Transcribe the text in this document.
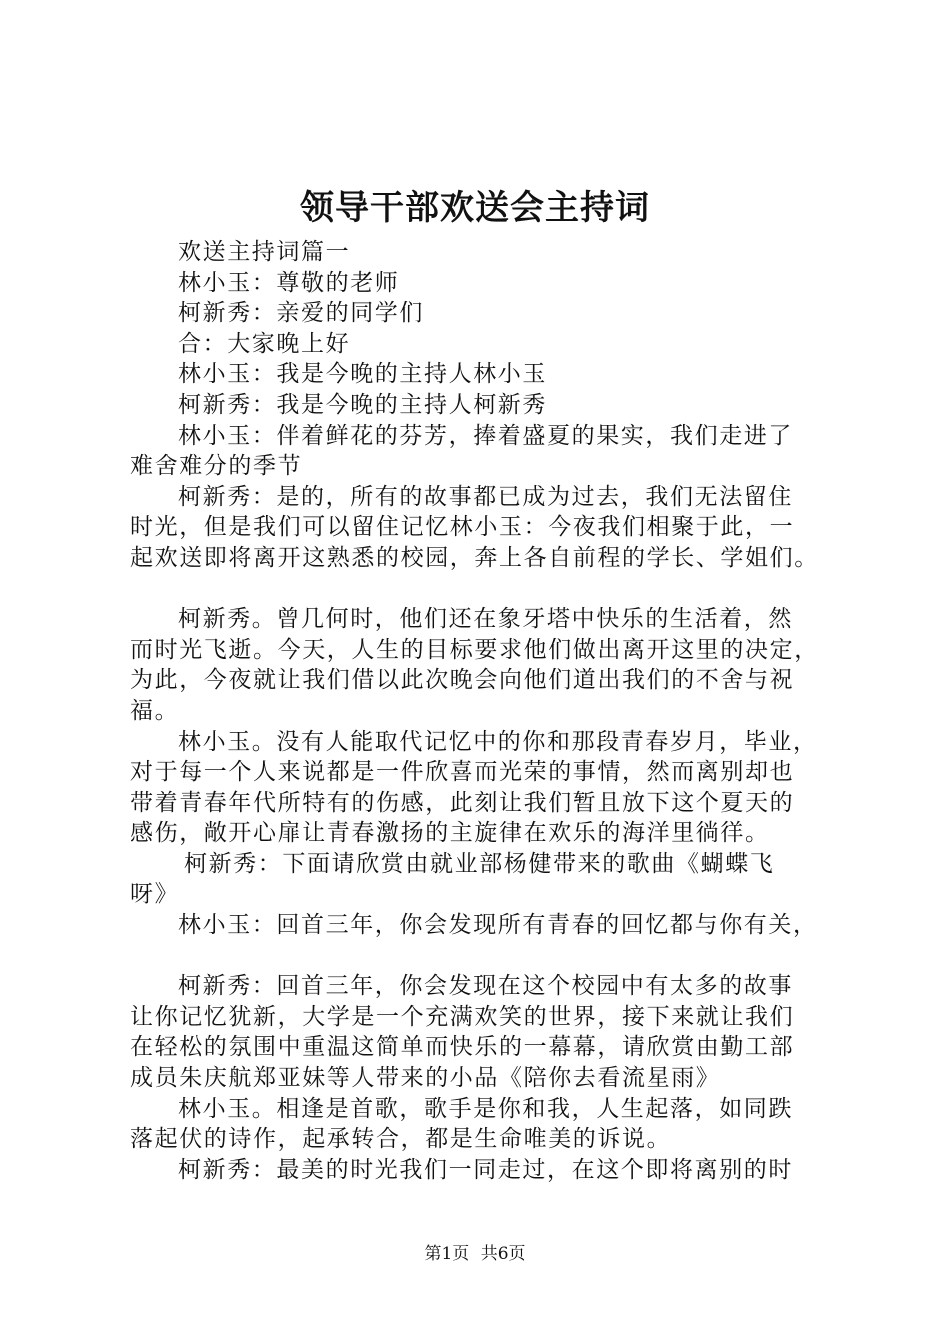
领导干部欢送会主持词
欢送主持词篇一
林小玉：尊敬的老师
柯新秀：亲爱的同学们
合：大家晚上好
林小玉：我是今晚的主持人林小玉
柯新秀：我是今晚的主持人柯新秀
林小玉：伴着鲜花的芬芳，捧着盛夏的果实，我们走进了
难舍难分的季节
柯新秀：是的，所有的故事都已成为过去，我们无法留住
时光，但是我们可以留住记忆林小玉：今夜我们相聚于此，一
起欢送即将离开这熟悉的校园，奔上各自前程的学长、学姐们。
柯新秀。曾几何时，他们还在象牙塔中快乐的生活着，然
而时光飞逝。今天，人生的目标要求他们做出离开这里的决定，
为此，今夜就让我们借以此次晚会向他们道出我们的不舍与祝
福。
林小玉。没有人能取代记忆中的你和那段青春岁月，毕业，
对于每一个人来说都是一件欣喜而光荣的事情，然而离别却也
带着青春年代所特有的伤感，此刻让我们暂且放下这个夏天的
感伤，敞开心扉让青春激扬的主旋律在欢乐的海洋里徜徉。
柯新秀：下面请欣赏由就业部杨健带来的歌曲《蝴蝶飞
呀》
林小玉：回首三年，你会发现所有青春的回忆都与你有关，
柯新秀：回首三年，你会发现在这个校园中有太多的故事
让你记忆犹新，大学是一个充满欢笑的世界，接下来就让我们
在轻松的氛围中重温这简单而快乐的一幕幕，请欣赏由勤工部
成员朱庆航郑亚妹等人带来的小品《陪你去看流星雨》
林小玉。相逢是首歌，歌手是你和我，人生起落，如同跌
落起伏的诗作，起承转合，都是生命唯美的诉说。
柯新秀：最美的时光我们一同走过，在这个即将离别的时
第1页 共6页
